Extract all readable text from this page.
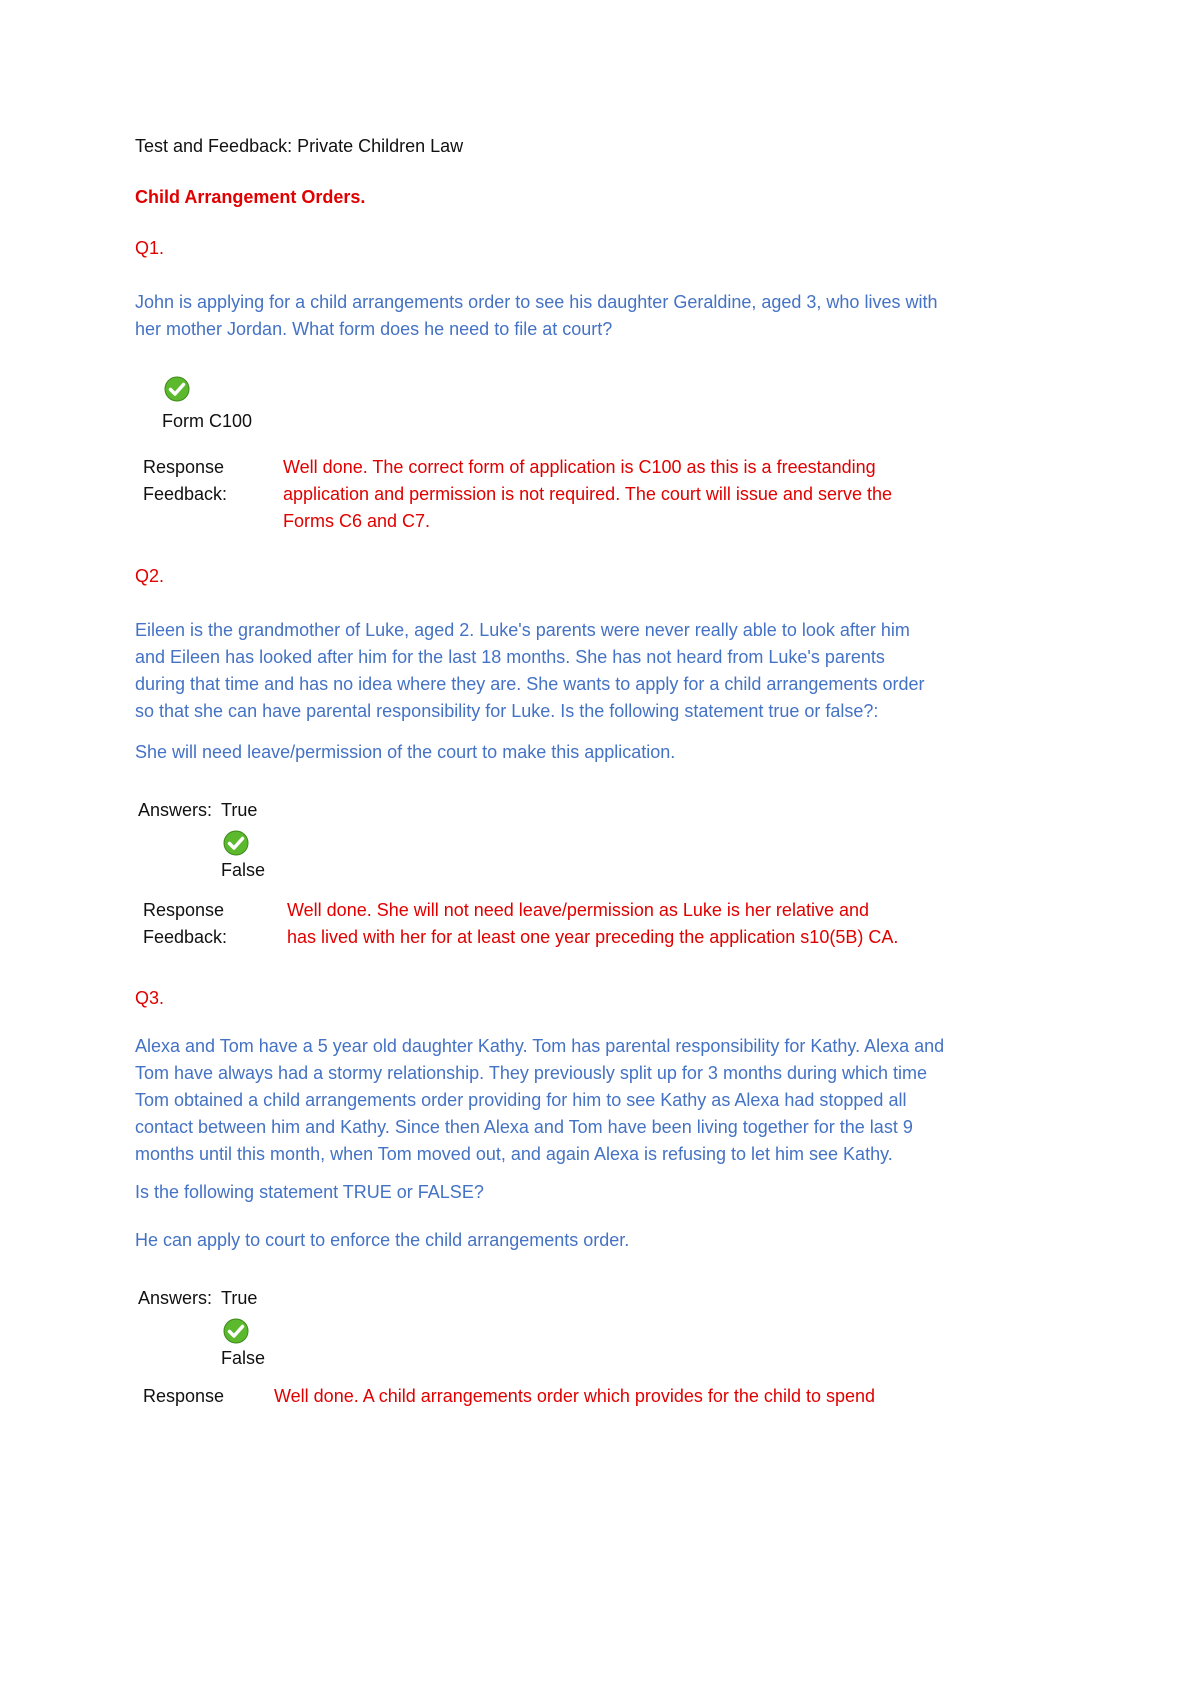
Test and Feedback: Private Children Law
Child Arrangement Orders.
Q1.
John is applying for a child arrangements order to see his daughter Geraldine, aged 3, who lives with
her mother Jordan. What form does he need to file at court?
Form C100
Response
Feedback:
Well done. The correct form of application is C100 as this is a freestanding
application and permission is not required. The court will issue and serve the
Forms C6 and C7.
Q2.
Eileen is the grandmother of Luke, aged 2. Luke's parents were never really able to look after him
and Eileen has looked after him for the last 18 months. She has not heard from Luke's parents
during that time and has no idea where they are. She wants to apply for a child arrangements order
so that she can have parental responsibility for Luke. Is the following statement true or false?:
She will need leave/permission of the court to make this application.
Answers: True
False
Response
Feedback:
Well done. She will not need leave/permission as Luke is her relative and
has lived with her for at least one year preceding the application s10(5B) CA.
Q3.
Alexa and Tom have a 5 year old daughter Kathy. Tom has parental responsibility for Kathy. Alexa and
Tom have always had a stormy relationship. They previously split up for 3 months during which time
Tom obtained a child arrangements order providing for him to see Kathy as Alexa had stopped all
contact between him and Kathy. Since then Alexa and Tom have been living together for the last 9
months until this month, when Tom moved out, and again Alexa is refusing to let him see Kathy.
Is the following statement TRUE or FALSE?
He can apply to court to enforce the child arrangements order.
Answers: True
False
Response	Well done. A child arrangements order which provides for the child to spend
